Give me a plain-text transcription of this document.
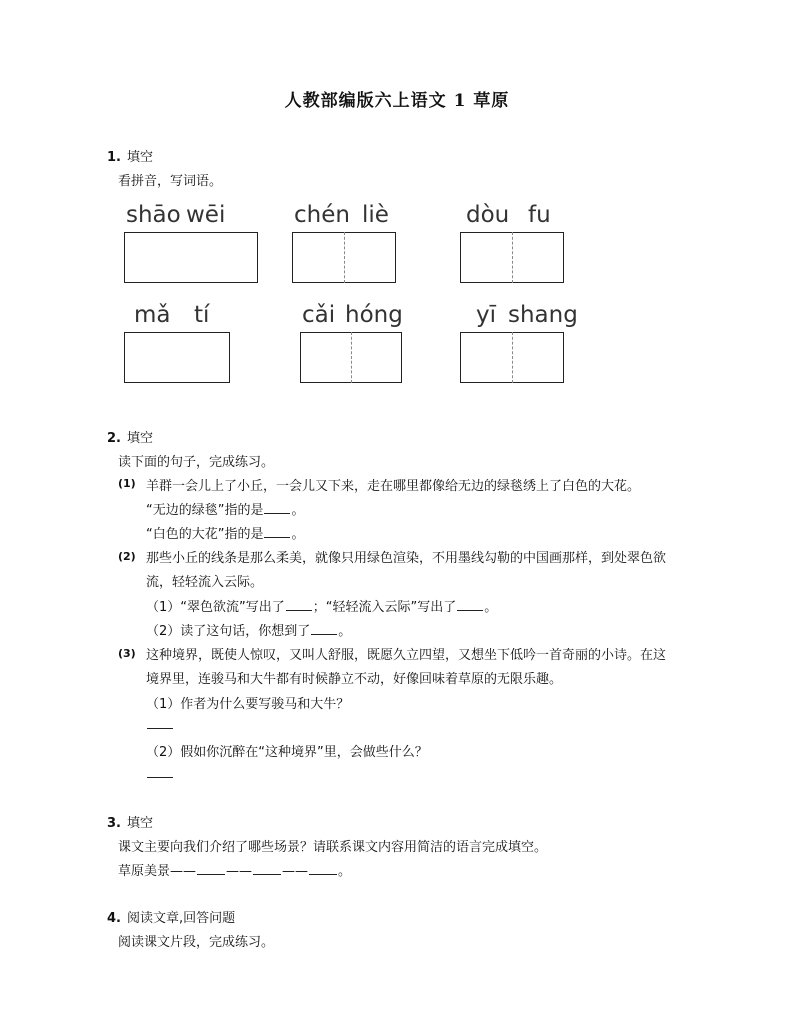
人教部编版六上语文 1 草原
1. 填空
看拼音，写词语。
shāo wēi	chén liè	dòu fu
mǎ	tí	cǎi hóng	yī shang
2. 填空
读下面的句子，完成练习。
(1) 羊群一会儿上了小丘，一会儿又下来，走在哪里都像给无边的绿毯绣上了白色的大花。
“无边的绿毯”指的是 。
“白色的大花”指的是 。
(2) 那些小丘的线条是那么柔美，就像只用绿色渲染，不用墨线勾勒的中国画那样，到处翠色欲
流，轻轻流入云际。
（1）“翠色欲流”写出了 ；“轻轻流入云际”写出了 。
（2）读了这句话，你想到了 。
(3) 这种境界，既使人惊叹，又叫人舒服，既愿久立四望，又想坐下低吟一首奇丽的小诗。在这
境界里，连骏马和大牛都有时候静立不动，好像回味着草原的无限乐趣。
（1）作者为什么要写骏马和大牛？
（2）假如你沉醉在“这种境界”里，会做些什么？
3. 填空
课文主要向我们介绍了哪些场景？请联系课文内容用简洁的语言完成填空。
草原美景—— —— —— 。
4. 阅读文章,回答问题
阅读课文片段，完成练习。
